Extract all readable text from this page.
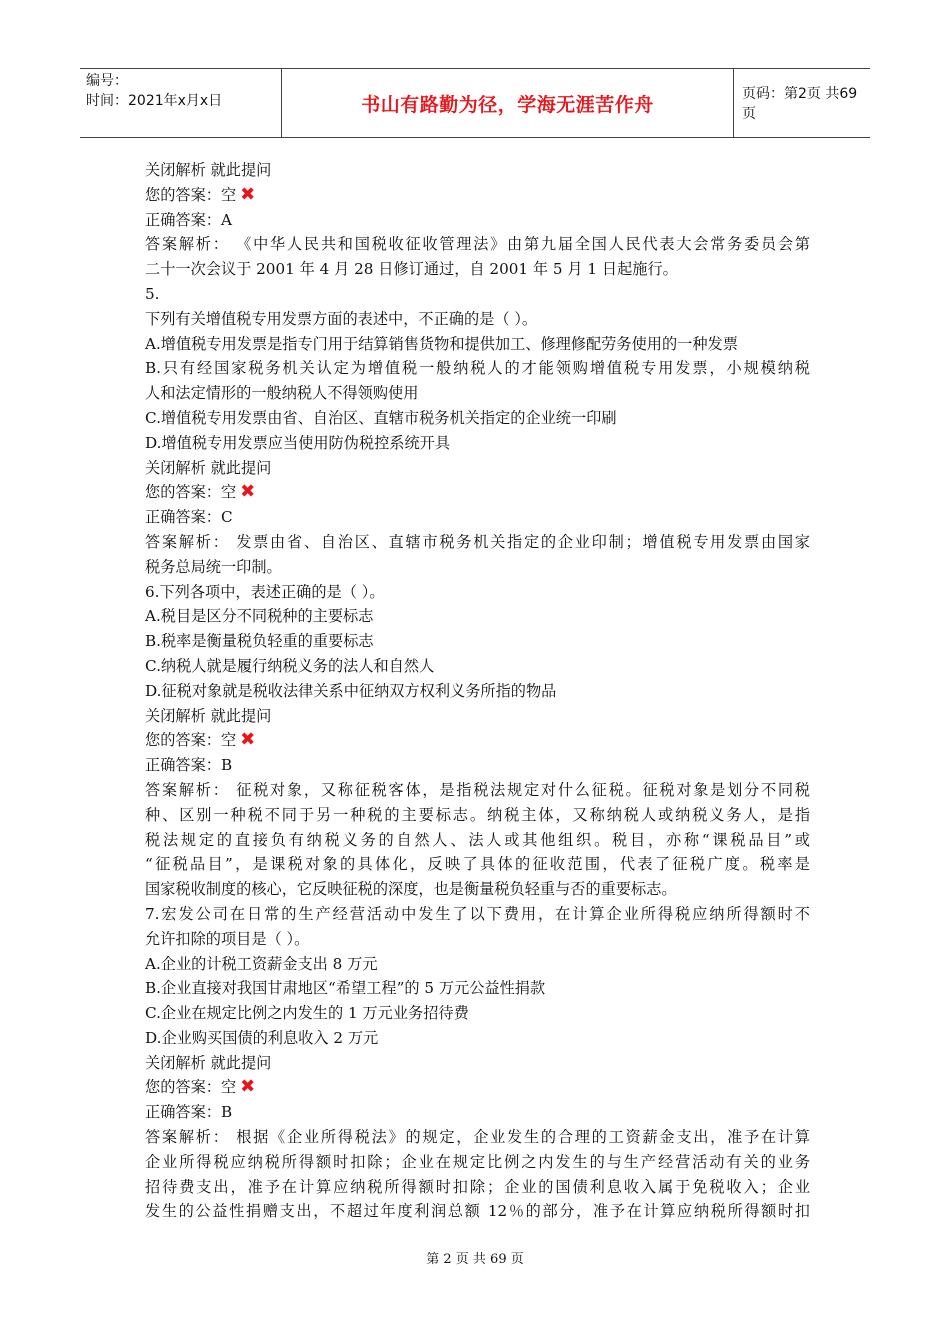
编号：
时间：2021年x月x日	书山有路勤为径，学海无涯苦作舟	页码：第2页 共69页
关闭解析 就此提问
您的答案：空 ✖
正确答案：A
答案解析： 《中华人民共和国税收征收管理法》由第九届全国人民代表大会常务委员会第
二十一次会议于 2001 年 4 月 28 日修订通过，自 2001 年 5 月 1 日起施行。
5.
下列有关增值税专用发票方面的表述中，不正确的是（ ）。
A.增值税专用发票是指专门用于结算销售货物和提供加工、修理修配劳务使用的一种发票
B.只有经国家税务机关认定为增值税一般纳税人的才能领购增值税专用发票，小规模纳税
人和法定情形的一般纳税人不得领购使用
C.增值税专用发票由省、自治区、直辖市税务机关指定的企业统一印刷
D.增值税专用发票应当使用防伪税控系统开具
关闭解析 就此提问
您的答案：空 ✖
正确答案：C
答案解析： 发票由省、自治区、直辖市税务机关指定的企业印制；增值税专用发票由国家
税务总局统一印制。
6.下列各项中，表述正确的是（ ）。
A.税目是区分不同税种的主要标志
B.税率是衡量税负轻重的重要标志
C.纳税人就是履行纳税义务的法人和自然人
D.征税对象就是税收法律关系中征纳双方权利义务所指的物品
关闭解析 就此提问
您的答案：空 ✖
正确答案：B
答案解析： 征税对象，又称征税客体，是指税法规定对什么征税。征税对象是划分不同税
种、区别一种税不同于另一种税的主要标志。纳税主体，又称纳税人或纳税义务人，是指
税法规定的直接负有纳税义务的自然人、法人或其他组织。税目，亦称“课税品目”或
“征税品目”，是课税对象的具体化，反映了具体的征收范围，代表了征税广度。税率是
国家税收制度的核心，它反映征税的深度，也是衡量税负轻重与否的重要标志。
7.宏发公司在日常的生产经营活动中发生了以下费用，在计算企业所得税应纳所得额时不
允许扣除的项目是（ ）。
A.企业的计税工资薪金支出 8 万元
B.企业直接对我国甘肃地区“希望工程”的 5 万元公益性捐款
C.企业在规定比例之内发生的 1 万元业务招待费
D.企业购买国债的利息收入 2 万元
关闭解析 就此提问
您的答案：空 ✖
正确答案：B
答案解析： 根据《企业所得税法》的规定，企业发生的合理的工资薪金支出，准予在计算
企业所得税应纳税所得额时扣除；企业在规定比例之内发生的与生产经营活动有关的业务
招待费支出，准予在计算应纳税所得额时扣除；企业的国债利息收入属于免税收入；企业
发生的公益性捐赠支出，不超过年度利润总额 12％的部分，准予在计算应纳税所得额时扣
第 2 页 共 69 页
